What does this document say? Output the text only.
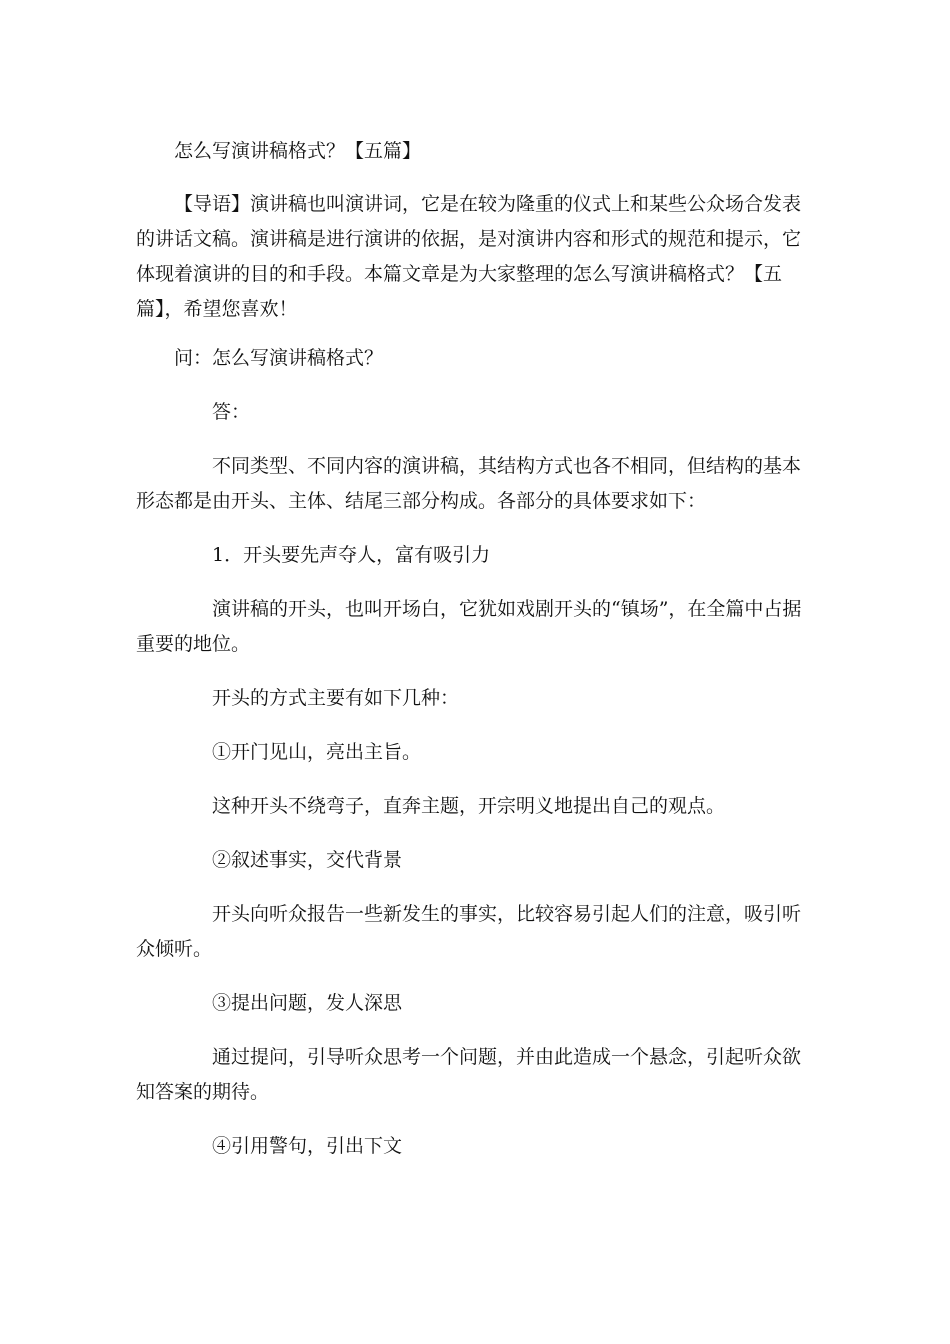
怎么写演讲稿格式？【五篇】

【导语】演讲稿也叫演讲词，它是在较为隆重的仪式上和某些公众场合发表的讲话文稿。演讲稿是进行演讲的依据，是对演讲内容和形式的规范和提示，它体现着演讲的目的和手段。本篇文章是为大家整理的怎么写演讲稿格式？【五篇】，希望您喜欢！

问：怎么写演讲稿格式？

答：

不同类型、不同内容的演讲稿，其结构方式也各不相同，但结构的基本形态都是由开头、主体、结尾三部分构成。各部分的具体要求如下：

1．开头要先声夺人，富有吸引力

演讲稿的开头，也叫开场白，它犹如戏剧开头的“镇场”，在全篇中占据重要的地位。

开头的方式主要有如下几种：

①开门见山，亮出主旨。

这种开头不绕弯子，直奔主题，开宗明义地提出自己的观点。

②叙述事实，交代背景

开头向听众报告一些新发生的事实，比较容易引起人们的注意，吸引听众倾听。

③提出问题，发人深思

通过提问，引导听众思考一个问题，并由此造成一个悬念，引起听众欲知答案的期待。

④引用警句，引出下文
